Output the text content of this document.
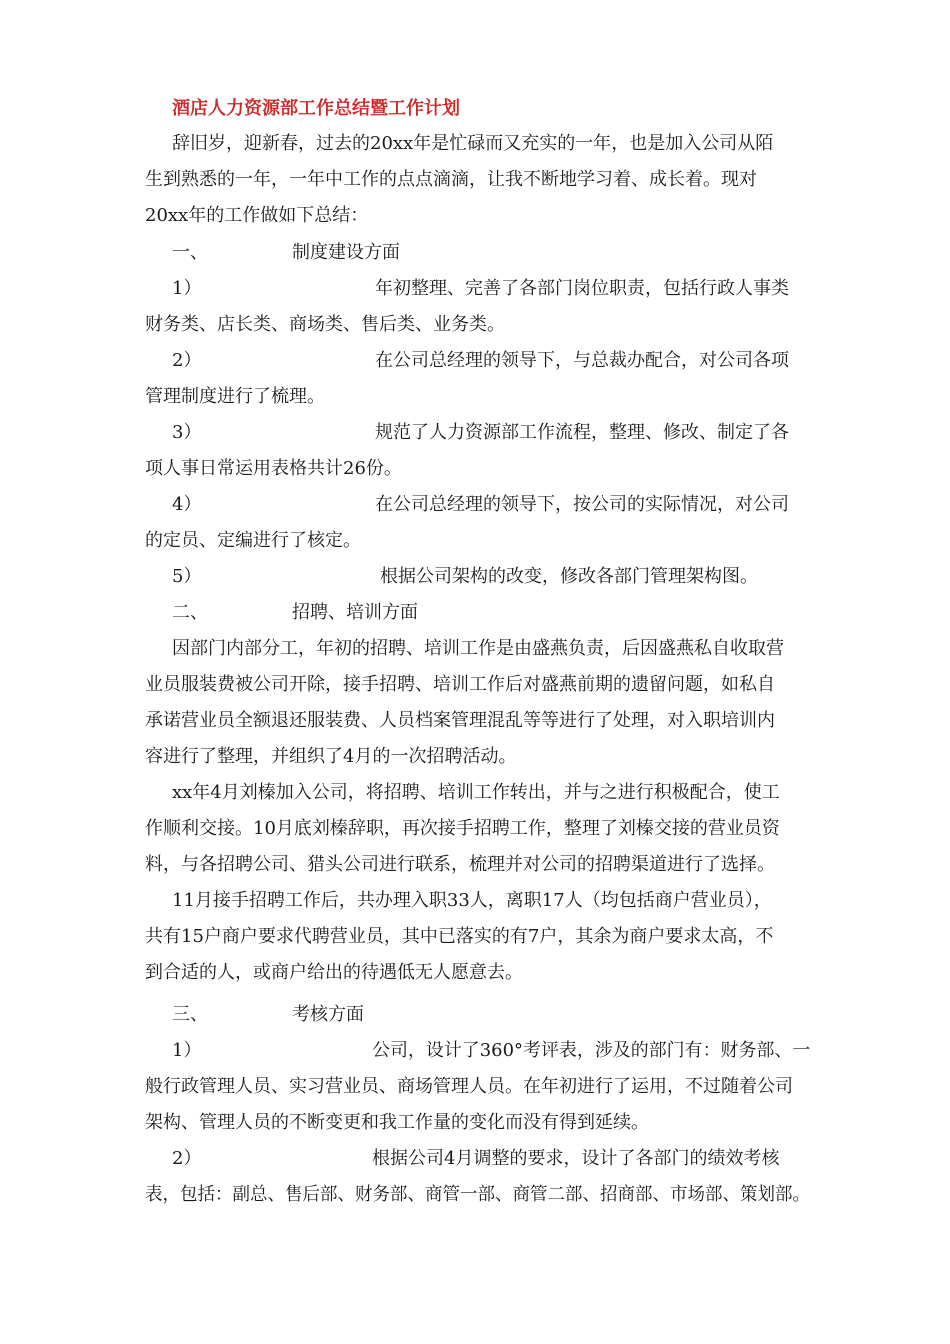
酒店人力资源部工作总结暨工作计划
辞旧岁，迎新春，过去的20xx年是忙碌而又充实的一年，也是加入公司从陌
生到熟悉的一年，一年中工作的点点滴滴，让我不断地学习着、成长着。现对
20xx年的工作做如下总结：
一、	制度建设方面
1）	年初整理、完善了各部门岗位职责，包括行政人事类
财务类、店长类、商场类、售后类、业务类。
2）	在公司总经理的领导下，与总裁办配合，对公司各项
管理制度进行了梳理。
3）	规范了人力资源部工作流程，整理、修改、制定了各
项人事日常运用表格共计26份。
4）	在公司总经理的领导下，按公司的实际情况，对公司
的定员、定编进行了核定。
5）	根据公司架构的改变，修改各部门管理架构图。
二、	招聘、培训方面
因部门内部分工，年初的招聘、培训工作是由盛燕负责，后因盛燕私自收取营
业员服装费被公司开除，接手招聘、培训工作后对盛燕前期的遗留问题，如私自
承诺营业员全额退还服装费、人员档案管理混乱等等进行了处理，对入职培训内
容进行了整理，并组织了4月的一次招聘活动。
xx年4月刘榛加入公司，将招聘、培训工作转出，并与之进行积极配合，使工
作顺利交接。10月底刘榛辞职，再次接手招聘工作，整理了刘榛交接的营业员资
料，与各招聘公司、猎头公司进行联系，梳理并对公司的招聘渠道进行了选择。
11月接手招聘工作后，共办理入职33人，离职17人（均包括商户营业员），
共有15户商户要求代聘营业员，其中已落实的有7户，其余为商户要求太高，不
到合适的人，或商户给出的待遇低无人愿意去。
三、	考核方面
1）	公司，设计了360°考评表，涉及的部门有：财务部、一
般行政管理人员、实习营业员、商场管理人员。在年初进行了运用，不过随着公司
架构、管理人员的不断变更和我工作量的变化而没有得到延续。
2）	根据公司4月调整的要求，设计了各部门的绩效考核
表，包括：副总、售后部、财务部、商管一部、商管二部、招商部、市场部、策划部。
